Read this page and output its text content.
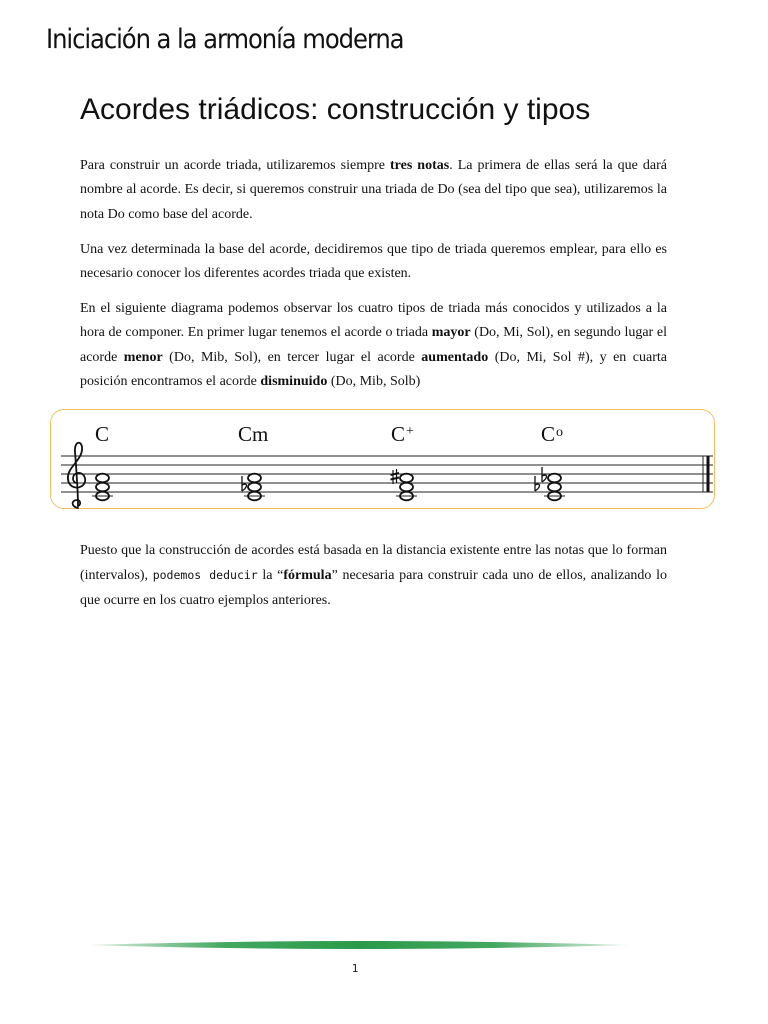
Iniciación a la armonía moderna
Acordes triádicos: construcción y tipos

Para construir un acorde triada, utilizaremos siempre tres notas. La primera de ellas será la que dará nombre al acorde. Es decir, si queremos construir una triada de Do (sea del tipo que sea), utilizaremos la nota Do como base del acorde.

Una vez determinada la base del acorde, decidiremos que tipo de triada queremos emplear, para ello es necesario conocer los diferentes acordes triada que existen.

En el siguiente diagrama podemos observar los cuatro tipos de triada más conocidos y utilizados a la hora de componer. En primer lugar tenemos el acorde o triada mayor (Do, Mi, Sol), en segundo lugar el acorde menor (Do, Mib, Sol), en tercer lugar el acorde aumentado (Do, Mi, Sol #), y en cuarta posición encontramos el acorde disminuido (Do, Mib, Solb)

C	Cm	C+	$C^o$

Puesto que la construcción de acordes está basada en la distancia existente entre las notas que lo forman (intervalos), podemos deducir la “fórmula” necesaria para construir cada uno de ellos, analizando lo que ocurre en los cuatro ejemplos anteriores.

1
